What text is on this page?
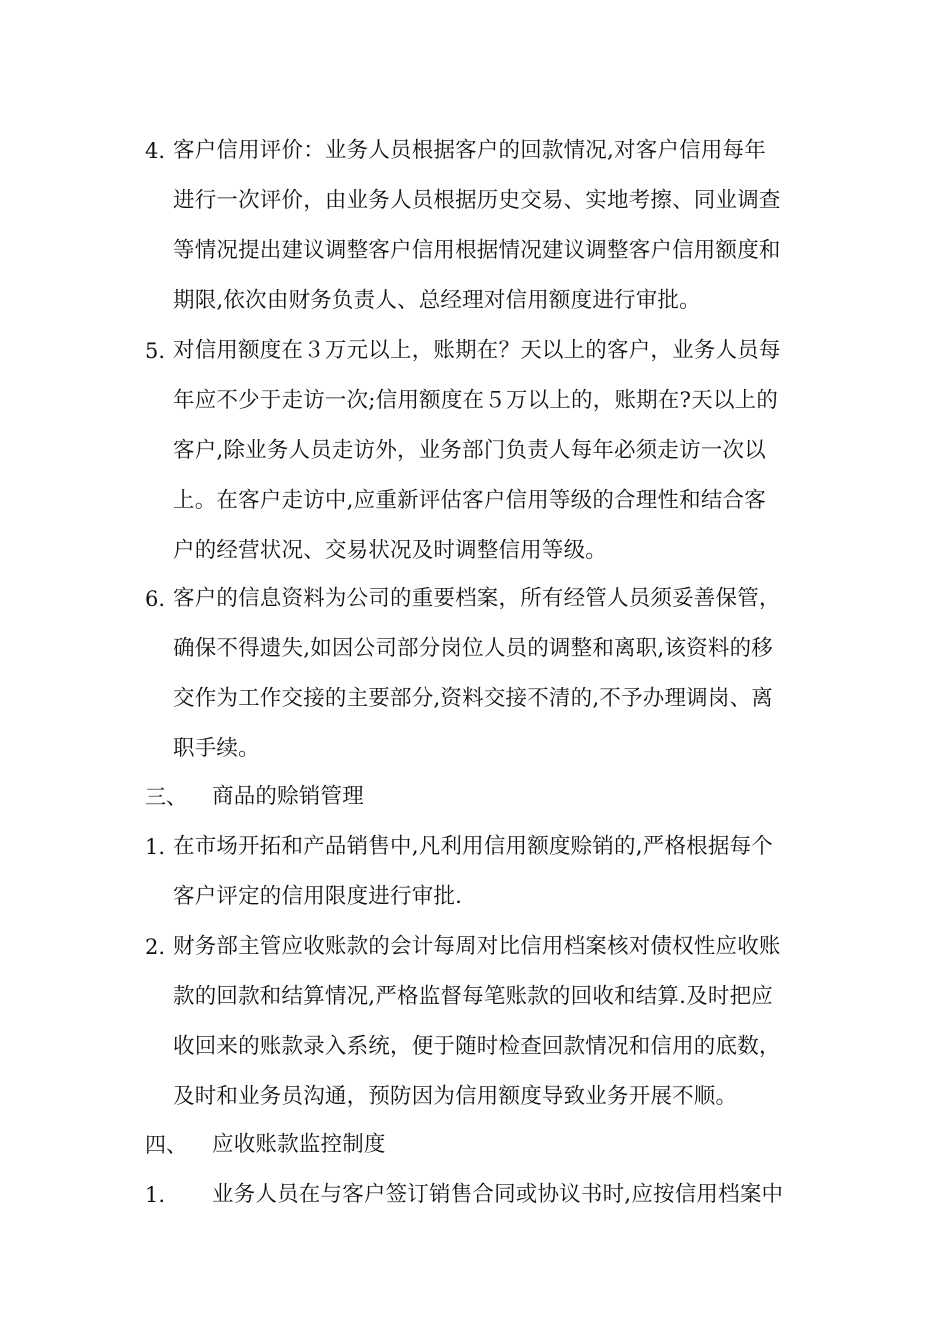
4. 客户信用评价：业务人员根据客户的回款情况,对客户信用每年
进行一次评价，由业务人员根据历史交易、实地考擦、同业调查
等情况提出建议调整客户信用根据情况建议调整客户信用额度和
期限,依次由财务负责人、总经理对信用额度进行审批。
5. 对信用额度在３万元以上，账期在？天以上的客户，业务人员每
年应不少于走访一次;信用额度在５万以上的，账期在?天以上的
客户,除业务人员走访外，业务部门负责人每年必须走访一次以
上。在客户走访中,应重新评估客户信用等级的合理性和结合客
户的经营状况、交易状况及时调整信用等级。
6. 客户的信息资料为公司的重要档案，所有经管人员须妥善保管，
确保不得遗失,如因公司部分岗位人员的调整和离职,该资料的移
交作为工作交接的主要部分,资料交接不清的,不予办理调岗、离
职手续。
三、 商品的赊销管理
1. 在市场开拓和产品销售中,凡利用信用额度赊销的,严格根据每个
客户评定的信用限度进行审批.
2. 财务部主管应收账款的会计每周对比信用档案核对债权性应收账
款的回款和结算情况,严格监督每笔账款的回收和结算.及时把应
收回来的账款录入系统，便于随时检查回款情况和信用的底数，
及时和业务员沟通，预防因为信用额度导致业务开展不顺。
四、 应收账款监控制度
1. 业务人员在与客户签订销售合同或协议书时,应按信用档案中
